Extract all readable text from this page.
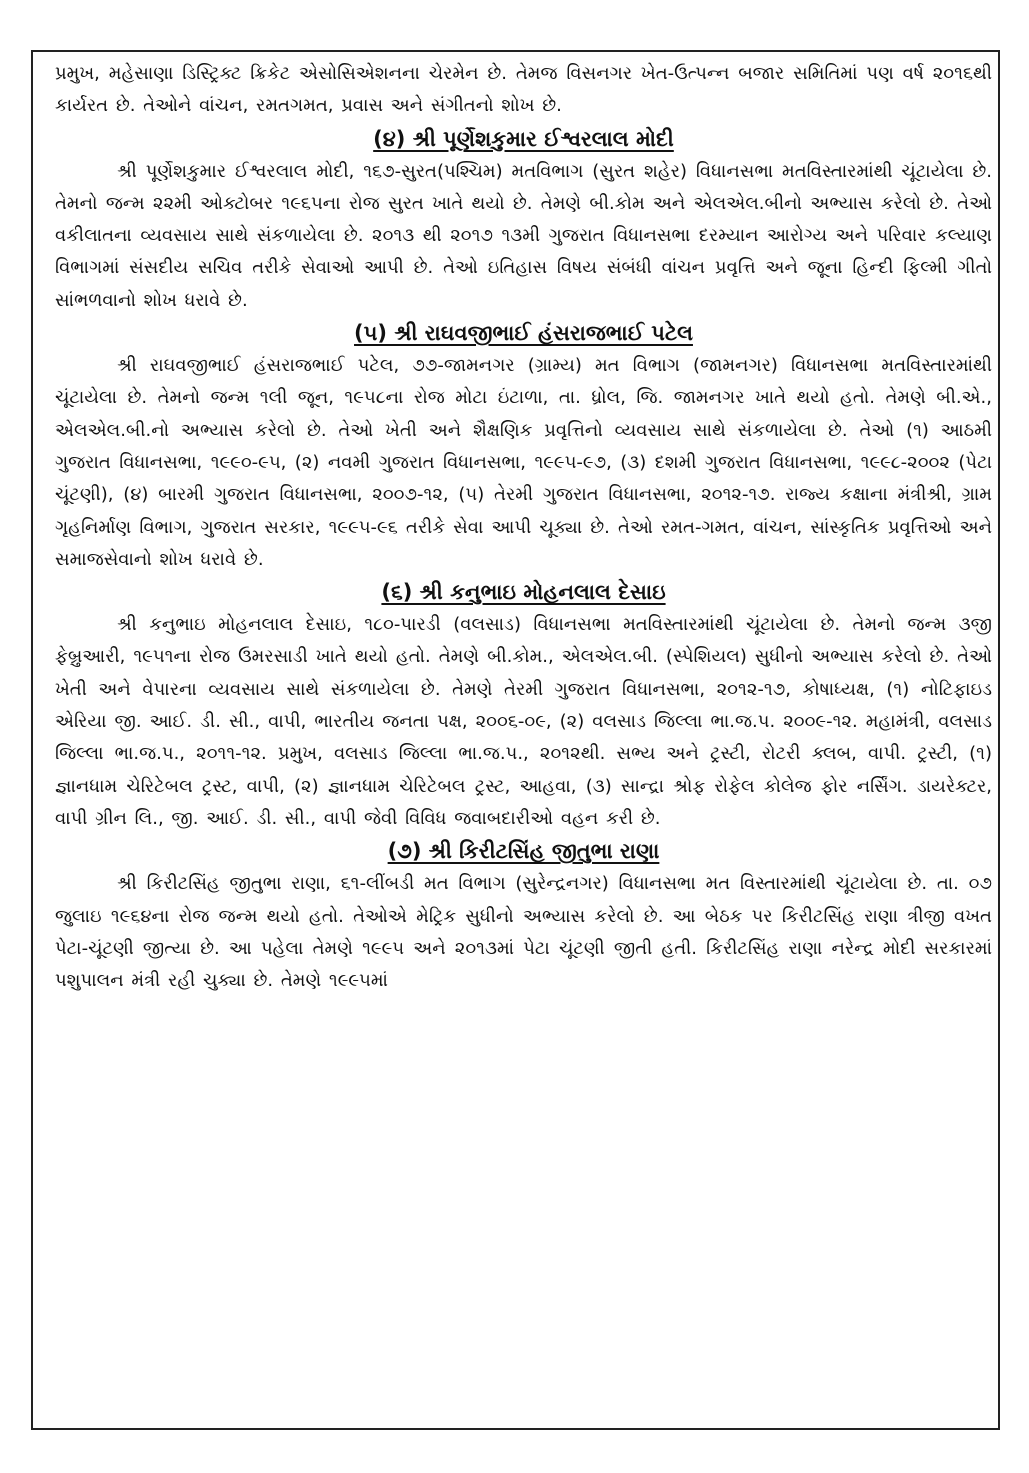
પ્રમુખ, મહેસાણા ડિસ્ટ્રિક્ટ ક્રિકેટ એસોસિએશનના ચેરમેન છે. તેમજ વિસનગર ખેત-ઉત્પન્ન બજાર સમિતિમાં પણ વર્ષ ૨૦૧૬થી કાર્યરત છે. તેઓને વાંચન, રમતગમત, પ્રવાસ અને સંગીતનો શોખ છે.

(૪) શ્રી પૂર્ણેશકુમાર ઈશ્વરલાલ મોદી

શ્રી પૂર્ણેશકુમાર ઈશ્વરલાલ મોદી, ૧૬૭-સુરત(પશ્ચિમ) મતવિભાગ (સુરત શહેર) વિધાનસભા મતવિસ્તારમાંથી ચૂંટાયેલા છે. તેમનો જન્મ ૨૨મી ઓક્ટોબર ૧૯૬૫ના રોજ સુરત ખાતે થયો છે. તેમણે બી.કોમ અને એલએલ.બીનો અભ્યાસ કરેલો છે. તેઓ વકીલાતના વ્યવસાય સાથે સંકળાયેલા છે. ૨૦૧૩ થી ૨૦૧૭ ૧૩મી ગુજરાત વિધાનસભા દરમ્યાન આરોગ્ય અને પરિવાર કલ્યાણ વિભાગમાં સંસદીય સચિવ તરીકે સેવાઓ આપી છે. તેઓ ઇતિહાસ વિષય સંબંધી વાંચન પ્રવૃત્તિ અને જૂના હિન્દી ફિલ્મી ગીતો સાંભળવાનો શોખ ધરાવે છે.

(૫) શ્રી રાઘવજીભાઈ હંસરાજભાઈ પટેલ

શ્રી રાઘવજીભાઈ હંસરાજભાઈ પટેલ, ૭૭-જામનગર (ગ્રામ્ય) મત વિભાગ (જામનગર) વિધાનસભા મતવિસ્તારમાંથી ચૂંટાયેલા છે. તેમનો જન્મ ૧લી જૂન, ૧૯૫૮ના રોજ મોટા ઇંટાળા, તા. ધ્રોલ, જિ. જામનગર ખાતે થયો હતો. તેમણે બી.એ., એલએલ.બી.નો અભ્યાસ કરેલો છે. તેઓ ખેતી અને શૈક્ષણિક પ્રવૃત્તિનો વ્યવસાય સાથે સંકળાયેલા છે. તેઓ (૧) આઠમી ગુજરાત વિધાનસભા, ૧૯૯૦-૯૫, (૨) નવમી ગુજરાત વિધાનસભા, ૧૯૯૫-૯૭, (૩) દશમી ગુજરાત વિધાનસભા, ૧૯૯૮-૨૦૦૨ (પેટા ચૂંટણી), (૪) બારમી ગુજરાત વિધાનસભા, ૨૦૦૭-૧૨, (૫) તેરમી ગુજરાત વિધાનસભા, ૨૦૧૨-૧૭. રાજ્ય કક્ષાના મંત્રીશ્રી, ગ્રામ ગૃહનિર્માણ વિભાગ, ગુજરાત સરકાર, ૧૯૯૫-૯૬ તરીકે સેવા આપી ચૂક્યા છે. તેઓ રમત-ગમત, વાંચન, સાંસ્કૃતિક પ્રવૃત્તિઓ અને સમાજસેવાનો શોખ ધરાવે છે.

(૬) શ્રી કનુભાઇ મોહનલાલ દેસાઇ

શ્રી કનુભાઇ મોહનલાલ દેસાઇ, ૧૮૦-પારડી (વલસાડ) વિધાનસભા મતવિસ્તારમાંથી ચૂંટાયેલા છે. તેમનો જન્મ ૩જી ફેબ્રુઆરી, ૧૯૫૧ના રોજ ઉમરસાડી ખાતે થયો હતો. તેમણે બી.કોમ., એલએલ.બી. (સ્પેશિયલ) સુધીનો અભ્યાસ કરેલો છે. તેઓ ખેતી અને વેપારના વ્યવસાય સાથે સંકળાયેલા છે. તેમણે તેરમી ગુજરાત વિધાનસભા, ૨૦૧૨-૧૭, કોષાધ્યક્ષ, (૧) નોટિફાઇડ એરિયા જી. આઈ. ડી. સી., વાપી, ભારતીય જનતા પક્ષ, ૨૦૦૬-૦૯, (૨) વલસાડ જિલ્લા ભા.જ.પ. ૨૦૦૯-૧૨. મહામંત્રી, વલસાડ જિલ્લા ભા.જ.પ., ૨૦૧૧-૧૨. પ્રમુખ, વલસાડ જિલ્લા ભા.જ.પ., ૨૦૧૨થી. સભ્ય અને ટ્રસ્ટી, રોટરી ક્લબ, વાપી. ટ્રસ્ટી, (૧) જ્ઞાનધામ ચેરિટેબલ ટ્રસ્ટ, વાપી, (૨) જ્ઞાનધામ ચેરિટેબલ ટ્રસ્ટ, આહવા, (૩) સાન્દ્રા શ્રોફ રોફેલ કોલેજ ફોર નર્સિંગ. ડાયરેક્ટર, વાપી ગ્રીન લિ., જી. આઈ. ડી. સી., વાપી જેવી વિવિધ જવાબદારીઓ વહન કરી છે.

(૭) શ્રી કિરીટસિંહ જીતુભા રાણા

શ્રી કિરીટસિંહ જીતુભા રાણા, ૬૧-લીંબડી મત વિભાગ (સુરેન્દ્રનગર) વિધાનસભા મત વિસ્તારમાંથી ચૂંટાયેલા છે. તા. ૦૭ જુલાઇ ૧૯૬૪ના રોજ જન્મ થયો હતો. તેઓએ મેટ્રિક સુધીનો અભ્યાસ કરેલો છે. આ બેઠક પર કિરીટસિંહ રાણા ત્રીજી વખત પેટા-ચૂંટણી જીત્યા છે. આ પહેલા તેમણે ૧૯૯૫ અને ૨૦૧૩માં પેટા ચૂંટણી જીતી હતી. કિરીટસિંહ રાણા નરેન્દ્ર મોદી સરકારમાં પશુપાલન મંત્રી રહી ચુક્યા છે. તેમણે ૧૯૯૫માં
